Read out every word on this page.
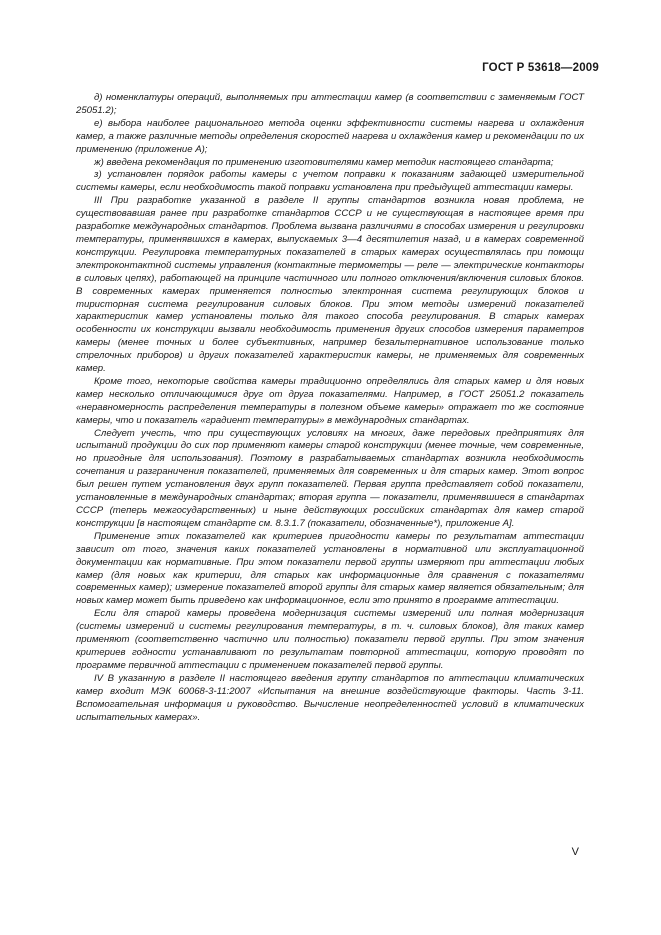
ГОСТ Р 53618—2009

д) номенклатуры операций, выполняемых при аттестации камер (в соответствии с заменяемым ГОСТ 25051.2);

е) выбора наиболее рационального метода оценки эффективности системы нагрева и охлаждения камер, а также различные методы определения скоростей нагрева и охлаждения камер и рекомендации по их применению (приложение А);

ж) введена рекомендация по применению изготовителями камер методик настоящего стандарта;

з) установлен порядок работы камеры с учетом поправки к показаниям задающей измерительной системы камеры, если необходимость такой поправки установлена при предыдущей аттестации камеры.

III При разработке указанной в разделе II группы стандартов возникла новая проблема, не существовавшая ранее при разработке стандартов СССР и не существующая в настоящее время при разработке международных стандартов. Проблема вызвана различиями в способах измерения и регулировки температуры, применявшихся в камерах, выпускаемых 3—4 десятилетия назад, и в камерах современной конструкции. Регулировка температурных показателей в старых камерах осуществлялась при помощи электроконтактной системы управления (контактные термометры — реле — электрические контакторы в силовых цепях), работающей на принципе частичного или полного отключения/включения силовых блоков. В современных камерах применяется полностью электронная система регулирующих блоков и тиристорная система регулирования силовых блоков. При этом методы измерений показателей характеристик камер установлены только для такого способа регулирования. В старых камерах особенности их конструкции вызвали необходимость применения других способов измерения параметров камеры (менее точных и более субъективных, например безальтернативное использование только стрелочных приборов) и других показателей характеристик камеры, не применяемых для современных камер.

Кроме того, некоторые свойства камеры традиционно определялись для старых камер и для новых камер несколько отличающимися друг от друга показателями. Например, в ГОСТ 25051.2 показатель «неравномерность распределения температуры в полезном объеме камеры» отражает то же состояние камеры, что и показатель «градиент температуры» в международных стандартах.

Следует учесть, что при существующих условиях на многих, даже передовых предприятиях для испытаний продукции до сих пор применяют камеры старой конструкции (менее точные, чем современные, но пригодные для использования). Поэтому в разрабатываемых стандартах возникла необходимость сочетания и разграничения показателей, применяемых для современных и для старых камер. Этот вопрос был решен путем установления двух групп показателей. Первая группа представляет собой показатели, установленные в международных стандартах; вторая группа — показатели, применявшиеся в стандартах СССР (теперь межгосударственных) и ныне действующих российских стандартах для камер старой конструкции [в настоящем стандарте см. 8.3.1.7 (показатели, обозначенные*), приложение А].

Применение этих показателей как критериев пригодности камеры по результатам аттестации зависит от того, значения каких показателей установлены в нормативной или эксплуатационной документации как нормативные. При этом показатели первой группы измеряют при аттестации любых камер (для новых как критерии, для старых как информационные для сравнения с показателями современных камер); измерение показателей второй группы для старых камер является обязательным; для новых камер может быть приведено как информационное, если это принято в программе аттестации.

Если для старой камеры проведена модернизация системы измерений или полная модернизация (системы измерений и системы регулирования температуры, в т. ч. силовых блоков), для таких камер применяют (соответственно частично или полностью) показатели первой группы. При этом значения критериев годности устанавливают по результатам повторной аттестации, которую проводят по программе первичной аттестации с применением показателей первой группы.

IV В указанную в разделе II настоящего введения группу стандартов по аттестации климатических камер входит МЭК 60068-3-11:2007 «Испытания на внешние воздействующие факторы. Часть 3-11. Вспомогательная информация и руководство. Вычисление неопределенностей условий в климатических испытательных камерах».

V
